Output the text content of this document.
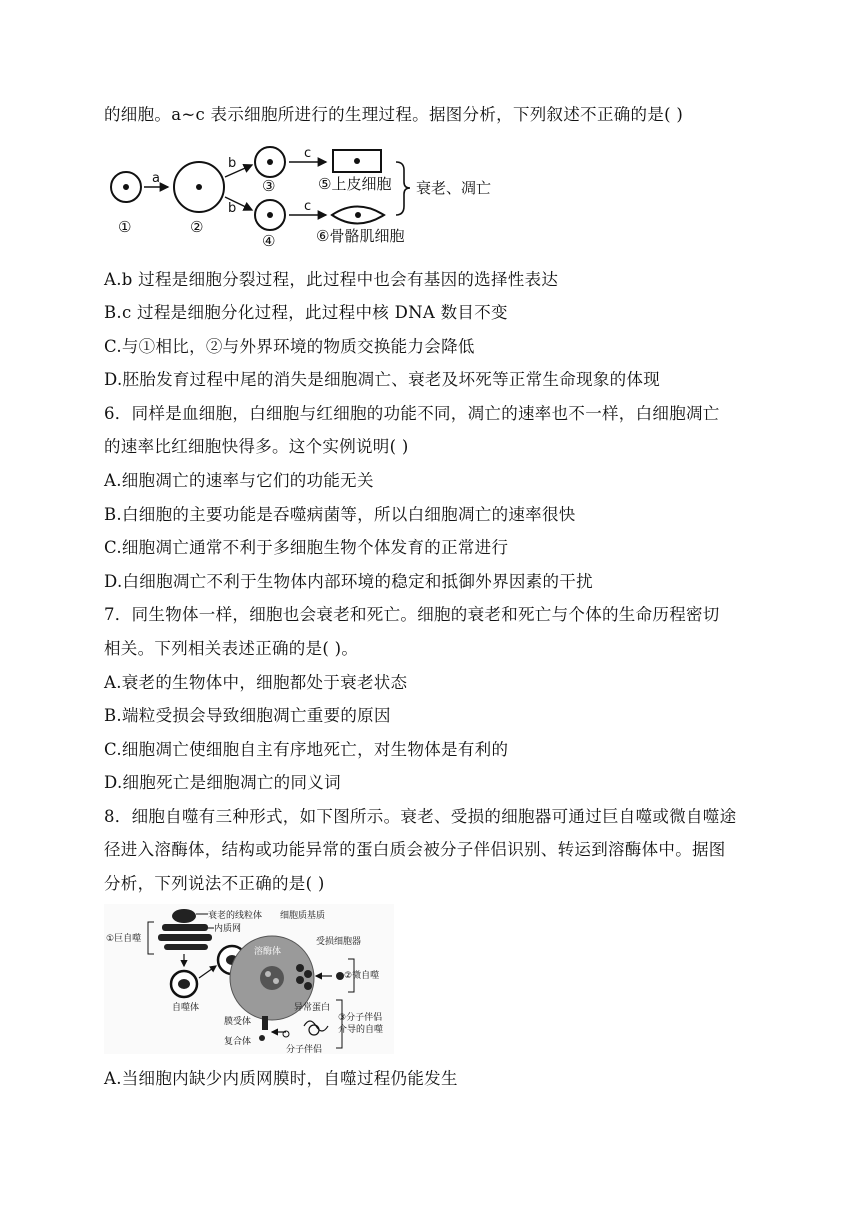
的细胞。a~c 表示细胞所进行的生理过程。据图分析，下列叙述不正确的是( )
a
b
b
c
c
①	②
③
④
⑤上皮细胞
⑥骨骼肌细胞
衰老、凋亡
A.b 过程是细胞分裂过程，此过程中也会有基因的选择性表达
B.c 过程是细胞分化过程，此过程中核 DNA 数目不变
C.与①相比，②与外界环境的物质交换能力会降低
D.胚胎发育过程中尾的消失是细胞凋亡、衰老及坏死等正常生命现象的体现
6．同样是血细胞，白细胞与红细胞的功能不同，凋亡的速率也不一样，白细胞凋亡
的速率比红细胞快得多。这个实例说明( )
A.细胞凋亡的速率与它们的功能无关
B.白细胞的主要功能是吞噬病菌等，所以白细胞凋亡的速率很快
C.细胞凋亡通常不利于多细胞生物个体发育的正常进行
D.白细胞凋亡不利于生物体内部环境的稳定和抵御外界因素的干扰
7．同生物体一样，细胞也会衰老和死亡。细胞的衰老和死亡与个体的生命历程密切
相关。下列相关表述正确的是( )。
A.衰老的生物体中，细胞都处于衰老状态
B.端粒受损会导致细胞凋亡重要的原因
C.细胞凋亡使细胞自主有序地死亡，对生物体是有利的
D.细胞死亡是细胞凋亡的同义词
8．细胞自噬有三种形式，如下图所示。衰老、受损的细胞器可通过巨自噬或微自噬途
径进入溶酶体，结构或功能异常的蛋白质会被分子伴侣识别、转运到溶酶体中。据图
分析，下列说法不正确的是( )
衰老的线粒体
内质网
①巨自噬
自噬体
溶酶体
细胞质基质
受损细胞器
②微自噬
异常蛋白
③分子伴侣
介导的自噬
膜受体
复合体
分子伴侣
A.当细胞内缺少内质网膜时，自噬过程仍能发生
